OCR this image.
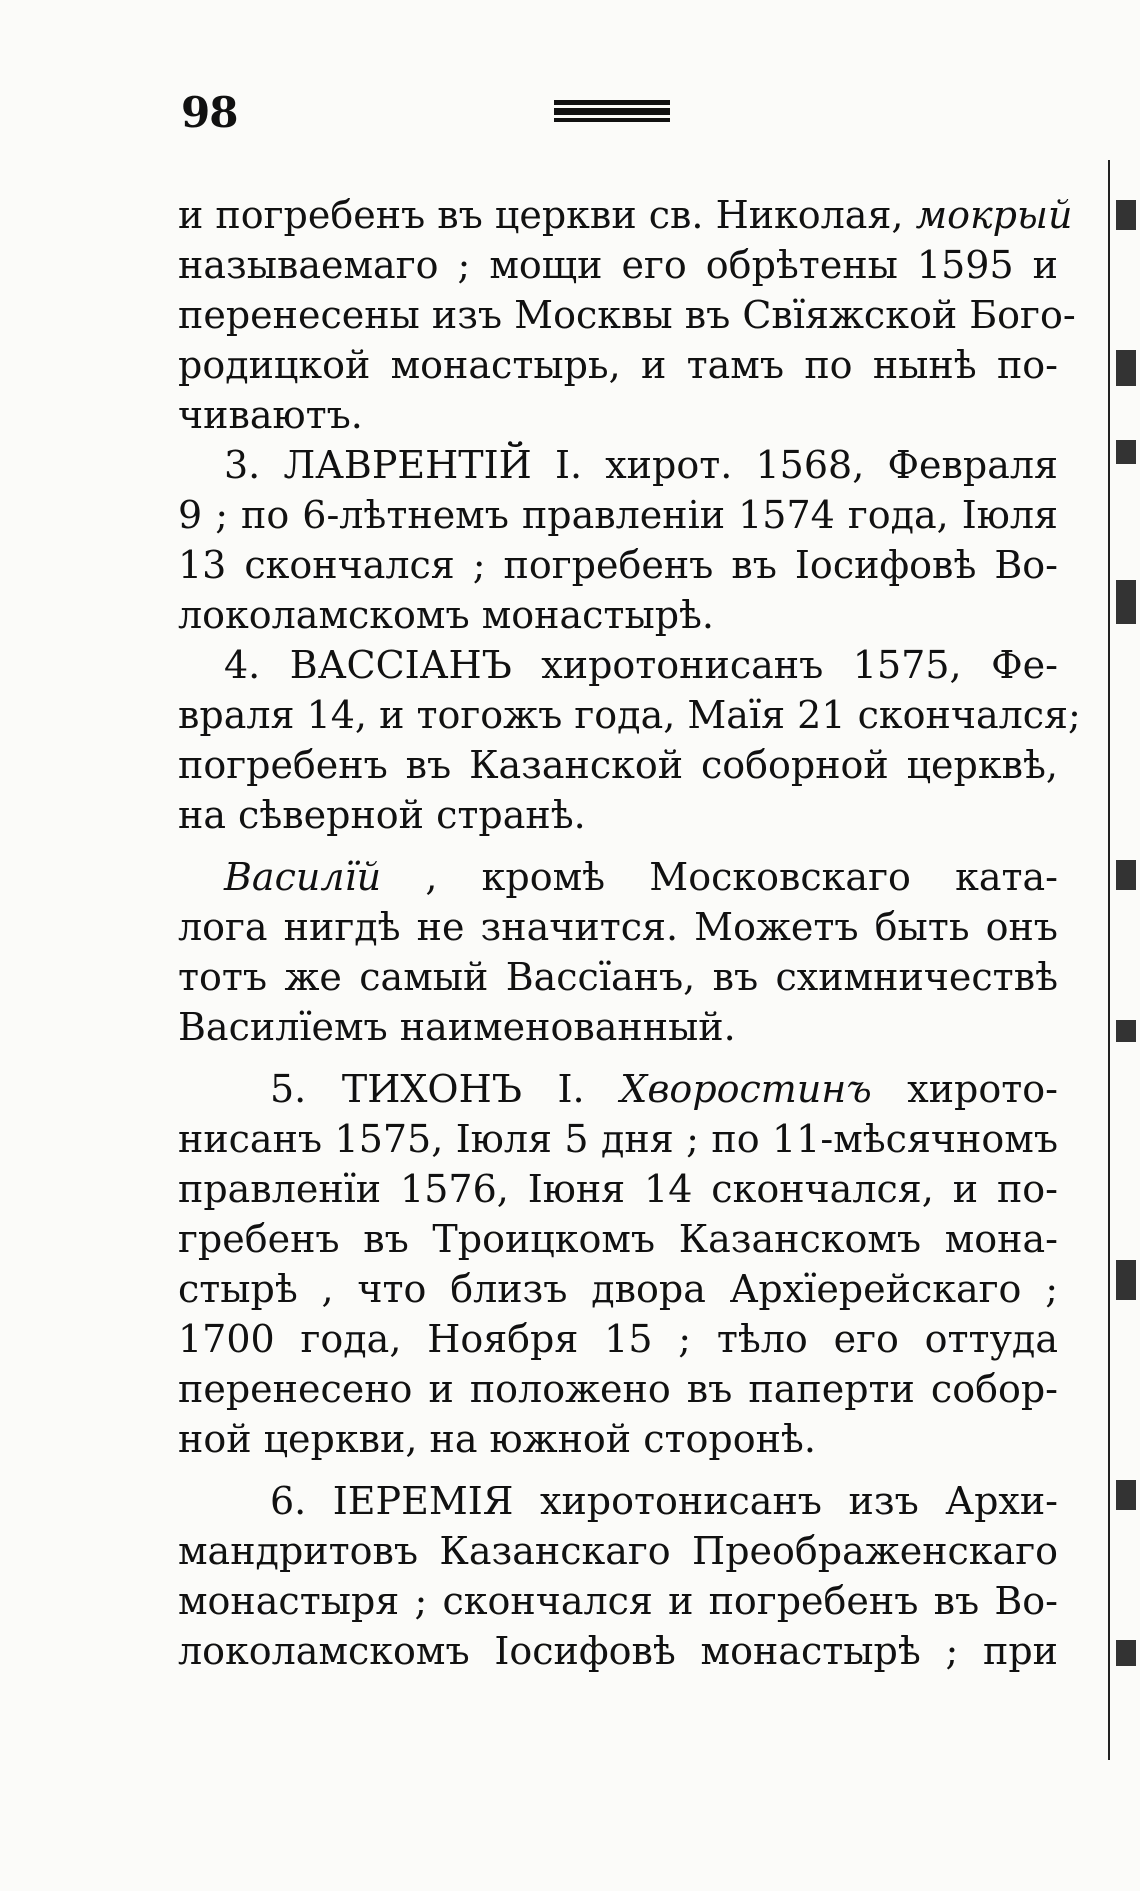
98
и погребенъ въ церкви св. Николая, мокрый
называемаго ; мощи его обрѣтены 1595 и
перенесены изъ Москвы въ Свїяжской Бого-
родицкой монастырь, и тамъ по нынѣ по-
чиваютъ.
3. ЛАВРЕНТIЙ I. хирот. 1568, Февраля
9 ; по 6-лѣтнемъ правленiи 1574 года, Iюля
13 скончался ; погребенъ въ Iосифовѣ Во-
локоламскомъ монастырѣ.
4. ВАССIАНЪ хиротонисанъ 1575, Фе-
враля 14, и тогожъ года, Маїя 21 скончался;
погребенъ въ Казанской соборной церквѣ,
на сѣверной странѣ.
Василїй , кромѣ Московскаго ката-
лога нигдѣ не значится. Можетъ быть онъ
тотъ же самый Вассїанъ, въ схимничествѣ
Василїемъ наименованный.
5. ТИХОНЪ I. Хворостинъ хирото-
нисанъ 1575, Iюля 5 дня ; по 11-мѣсячномъ
правленїи 1576, Iюня 14 скончался, и по-
гребенъ въ Троицкомъ Казанскомъ мона-
стырѣ , что близъ двора Архїерейскаго ;
1700 года, Ноября 15 ; тѣло его оттуда
перенесено и положено въ паперти собор-
ной церкви, на южной сторонѣ.
6. IЕРЕМIЯ хиротонисанъ изъ Архи-
мандритовъ Казанскаго Преображенскаго
монастыря ; скончался и погребенъ въ Во-
локоламскомъ Iосифовѣ монастырѣ ; при
